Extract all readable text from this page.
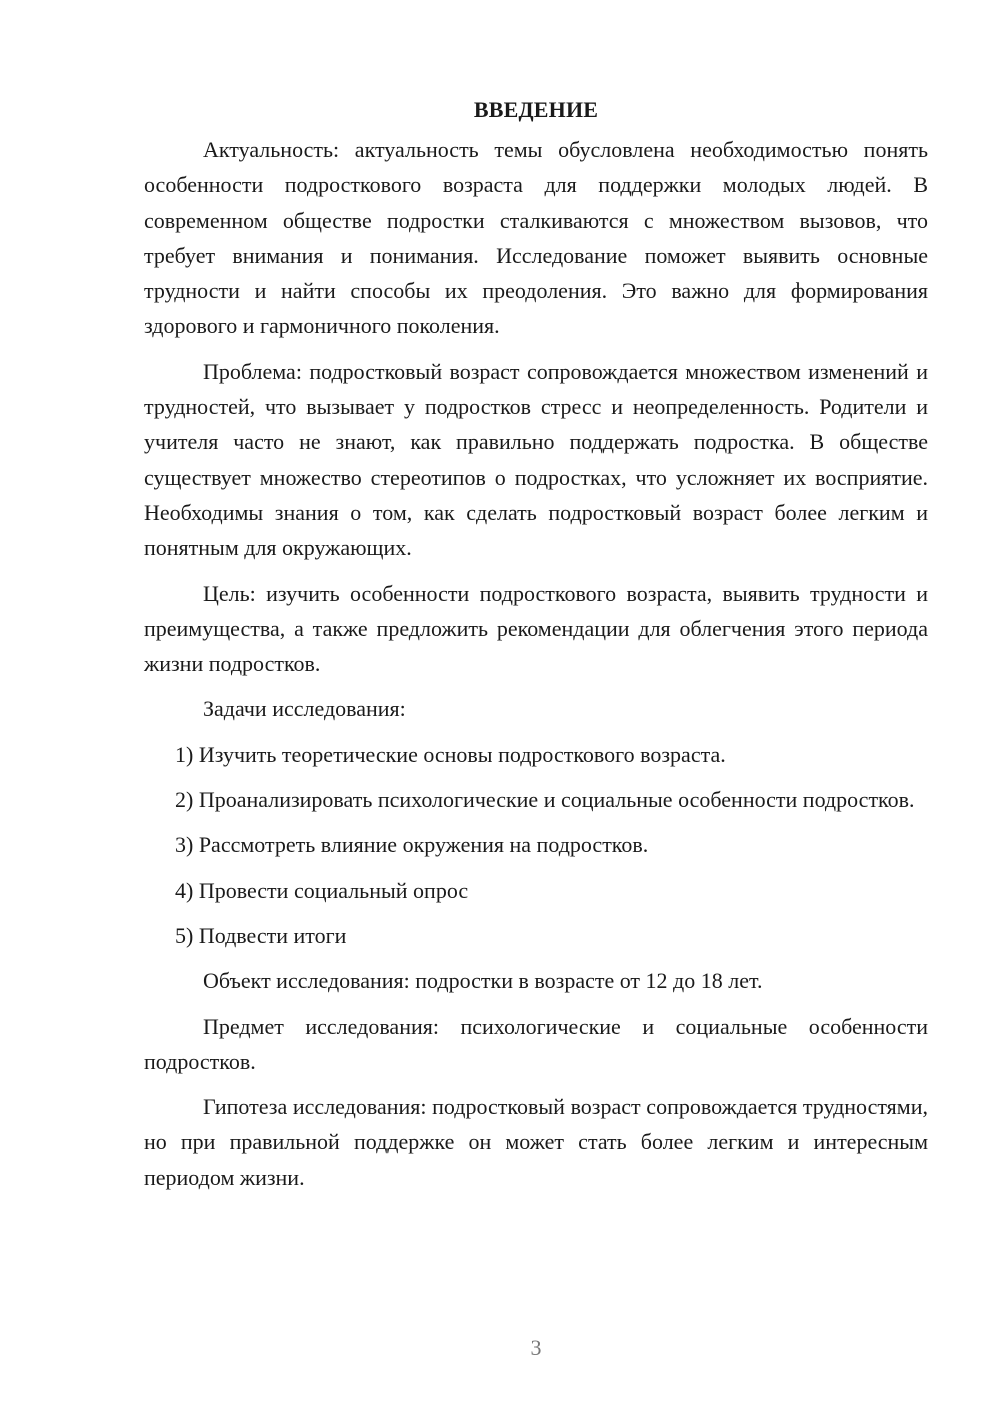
ВВЕДЕНИЕ

Актуальность: актуальность темы обусловлена необходимостью понять особенности подросткового возраста для поддержки молодых людей. В современном обществе подростки сталкиваются с множеством вызовов, что требует внимания и понимания. Исследование поможет выявить основные трудности и найти способы их преодоления. Это важно для формирования здорового и гармоничного поколения.

Проблема: подростковый возраст сопровождается множеством изменений и трудностей, что вызывает у подростков стресс и неопределенность. Родители и учителя часто не знают, как правильно поддержать подростка. В обществе существует множество стереотипов о подростках, что усложняет их восприятие. Необходимы знания о том, как сделать подростковый возраст более легким и понятным для окружающих.

Цель: изучить особенности подросткового возраста, выявить трудности и преимущества, а также предложить рекомендации для облегчения этого периода жизни подростков.

Задачи исследования:

1) Изучить теоретические основы подросткового возраста.

2) Проанализировать психологические и социальные особенности подростков.

3) Рассмотреть влияние окружения на подростков.

4) Провести социальный опрос

5) Подвести итоги

Объект исследования: подростки в возрасте от 12 до 18 лет.

Предмет исследования: психологические и социальные особенности подростков.

Гипотеза исследования: подростковый возраст сопровождается трудностями, но при правильной поддержке он может стать более легким и интересным периодом жизни.

3
